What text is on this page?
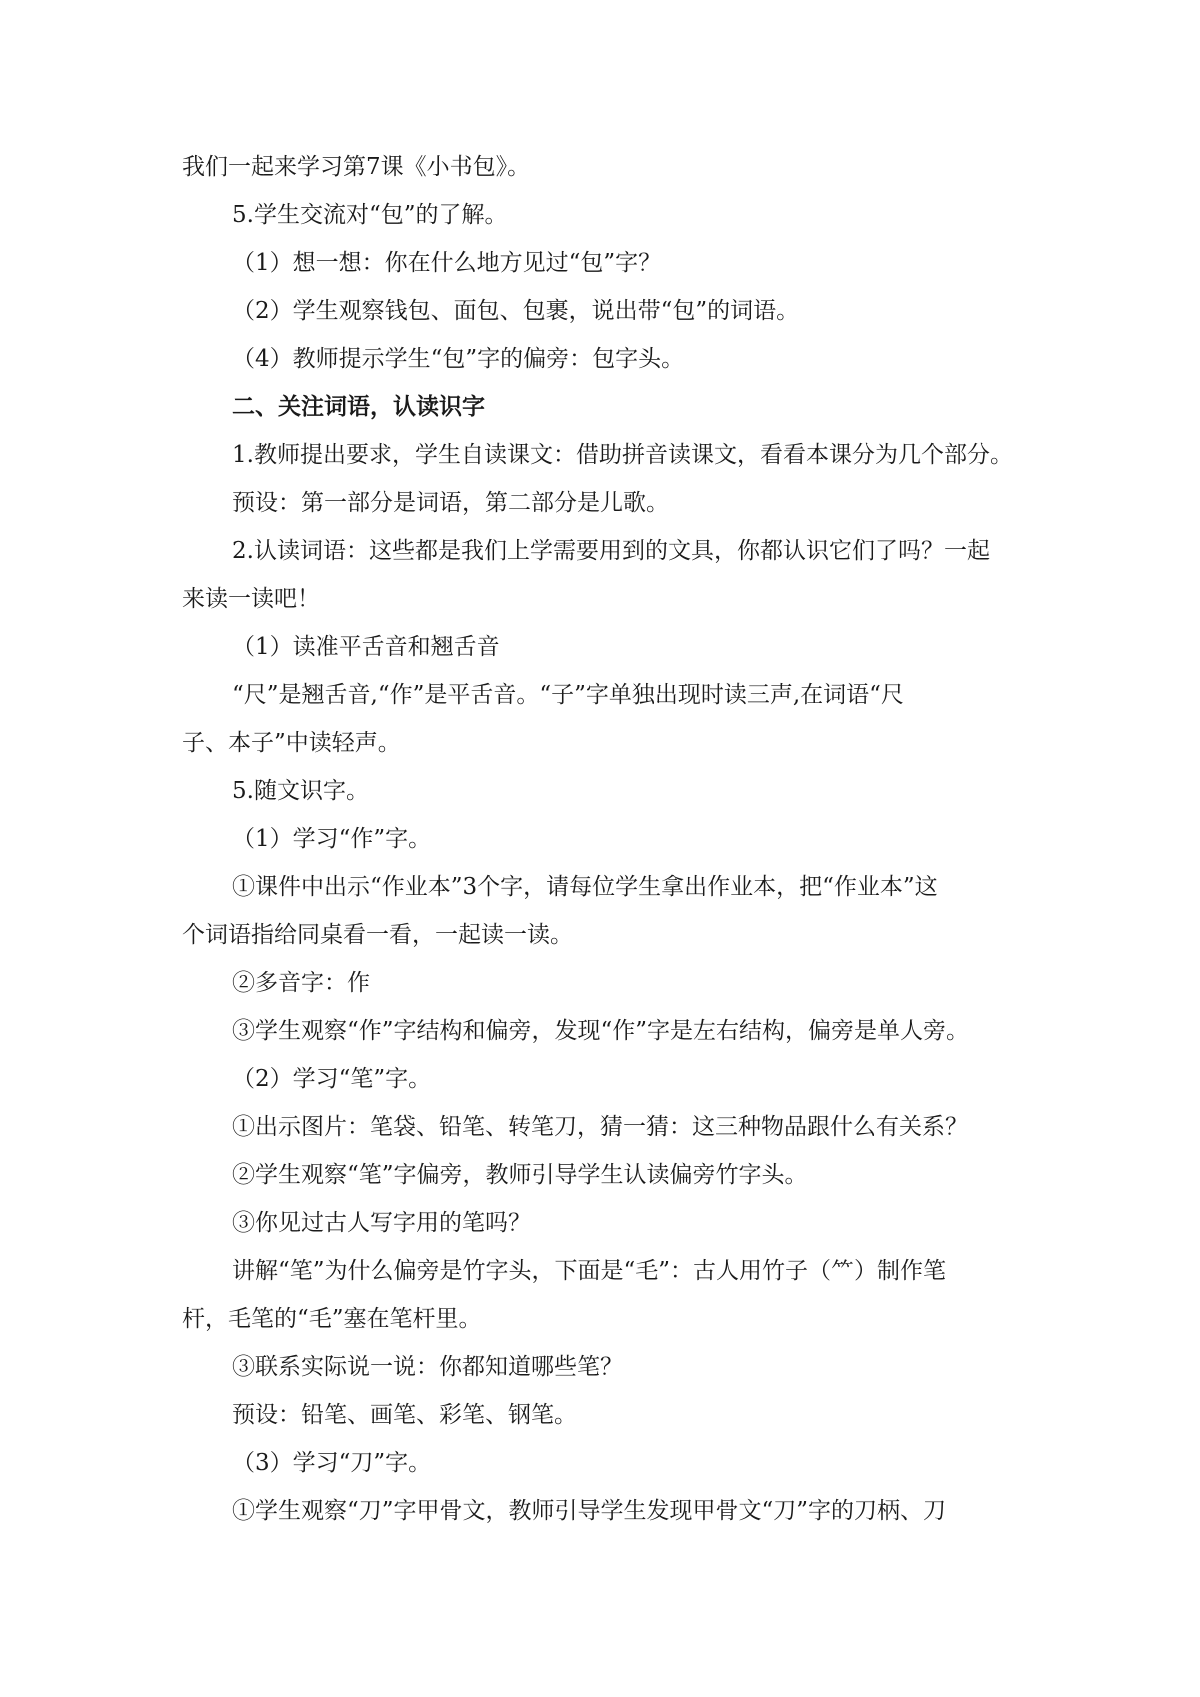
我们一起来学习第7课《小书包》。
5.学生交流对“包”的了解。
（1）想一想：你在什么地方见过“包”字？
（2）学生观察钱包、面包、包裹，说出带“包”的词语。
（4）教师提示学生“包”字的偏旁：包字头。
二、关注词语，认读识字
1.教师提出要求，学生自读课文：借助拼音读课文，看看本课分为几个部分。
预设：第一部分是词语，第二部分是儿歌。
2.认读词语：这些都是我们上学需要用到的文具，你都认识它们了吗？一起
来读一读吧！
（1）读准平舌音和翘舌音
“尺”是翘舌音,“作”是平舌音。“子”字单独出现时读三声,在词语“尺
子、本子”中读轻声。
5.随文识字。
（1）学习“作”字。
①课件中出示“作业本”3个字，请每位学生拿出作业本，把“作业本”这
个词语指给同桌看一看，一起读一读。
②多音字：作
③学生观察“作”字结构和偏旁，发现“作”字是左右结构，偏旁是单人旁。
（2）学习“笔”字。
①出示图片：笔袋、铅笔、转笔刀，猜一猜：这三种物品跟什么有关系？
②学生观察“笔”字偏旁，教师引导学生认读偏旁竹字头。
③你见过古人写字用的笔吗？
讲解“笔”为什么偏旁是竹字头，下面是“毛”：古人用竹子（⺮）制作笔
杆，毛笔的“毛”塞在笔杆里。
③联系实际说一说：你都知道哪些笔？
预设：铅笔、画笔、彩笔、钢笔。
（3）学习“刀”字。
①学生观察“刀”字甲骨文，教师引导学生发现甲骨文“刀”字的刀柄、刀
